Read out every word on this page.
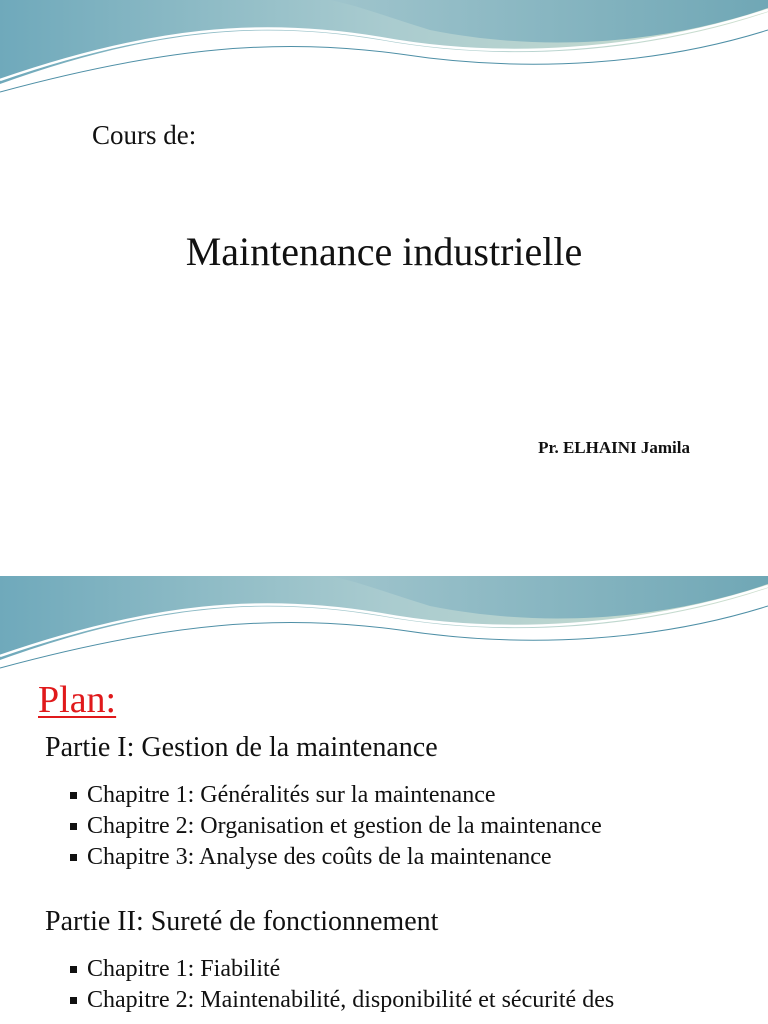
Cours de:

Maintenance industrielle

Pr. ELHAINI Jamila

Plan:

Partie I: Gestion de la maintenance

Chapitre 1: Généralités sur la maintenance
Chapitre 2: Organisation et gestion de la maintenance
Chapitre 3: Analyse des coûts de la maintenance

Partie II: Sureté de fonctionnement

Chapitre 1: Fiabilité
Chapitre 2: Maintenabilité, disponibilité et sécurité des
